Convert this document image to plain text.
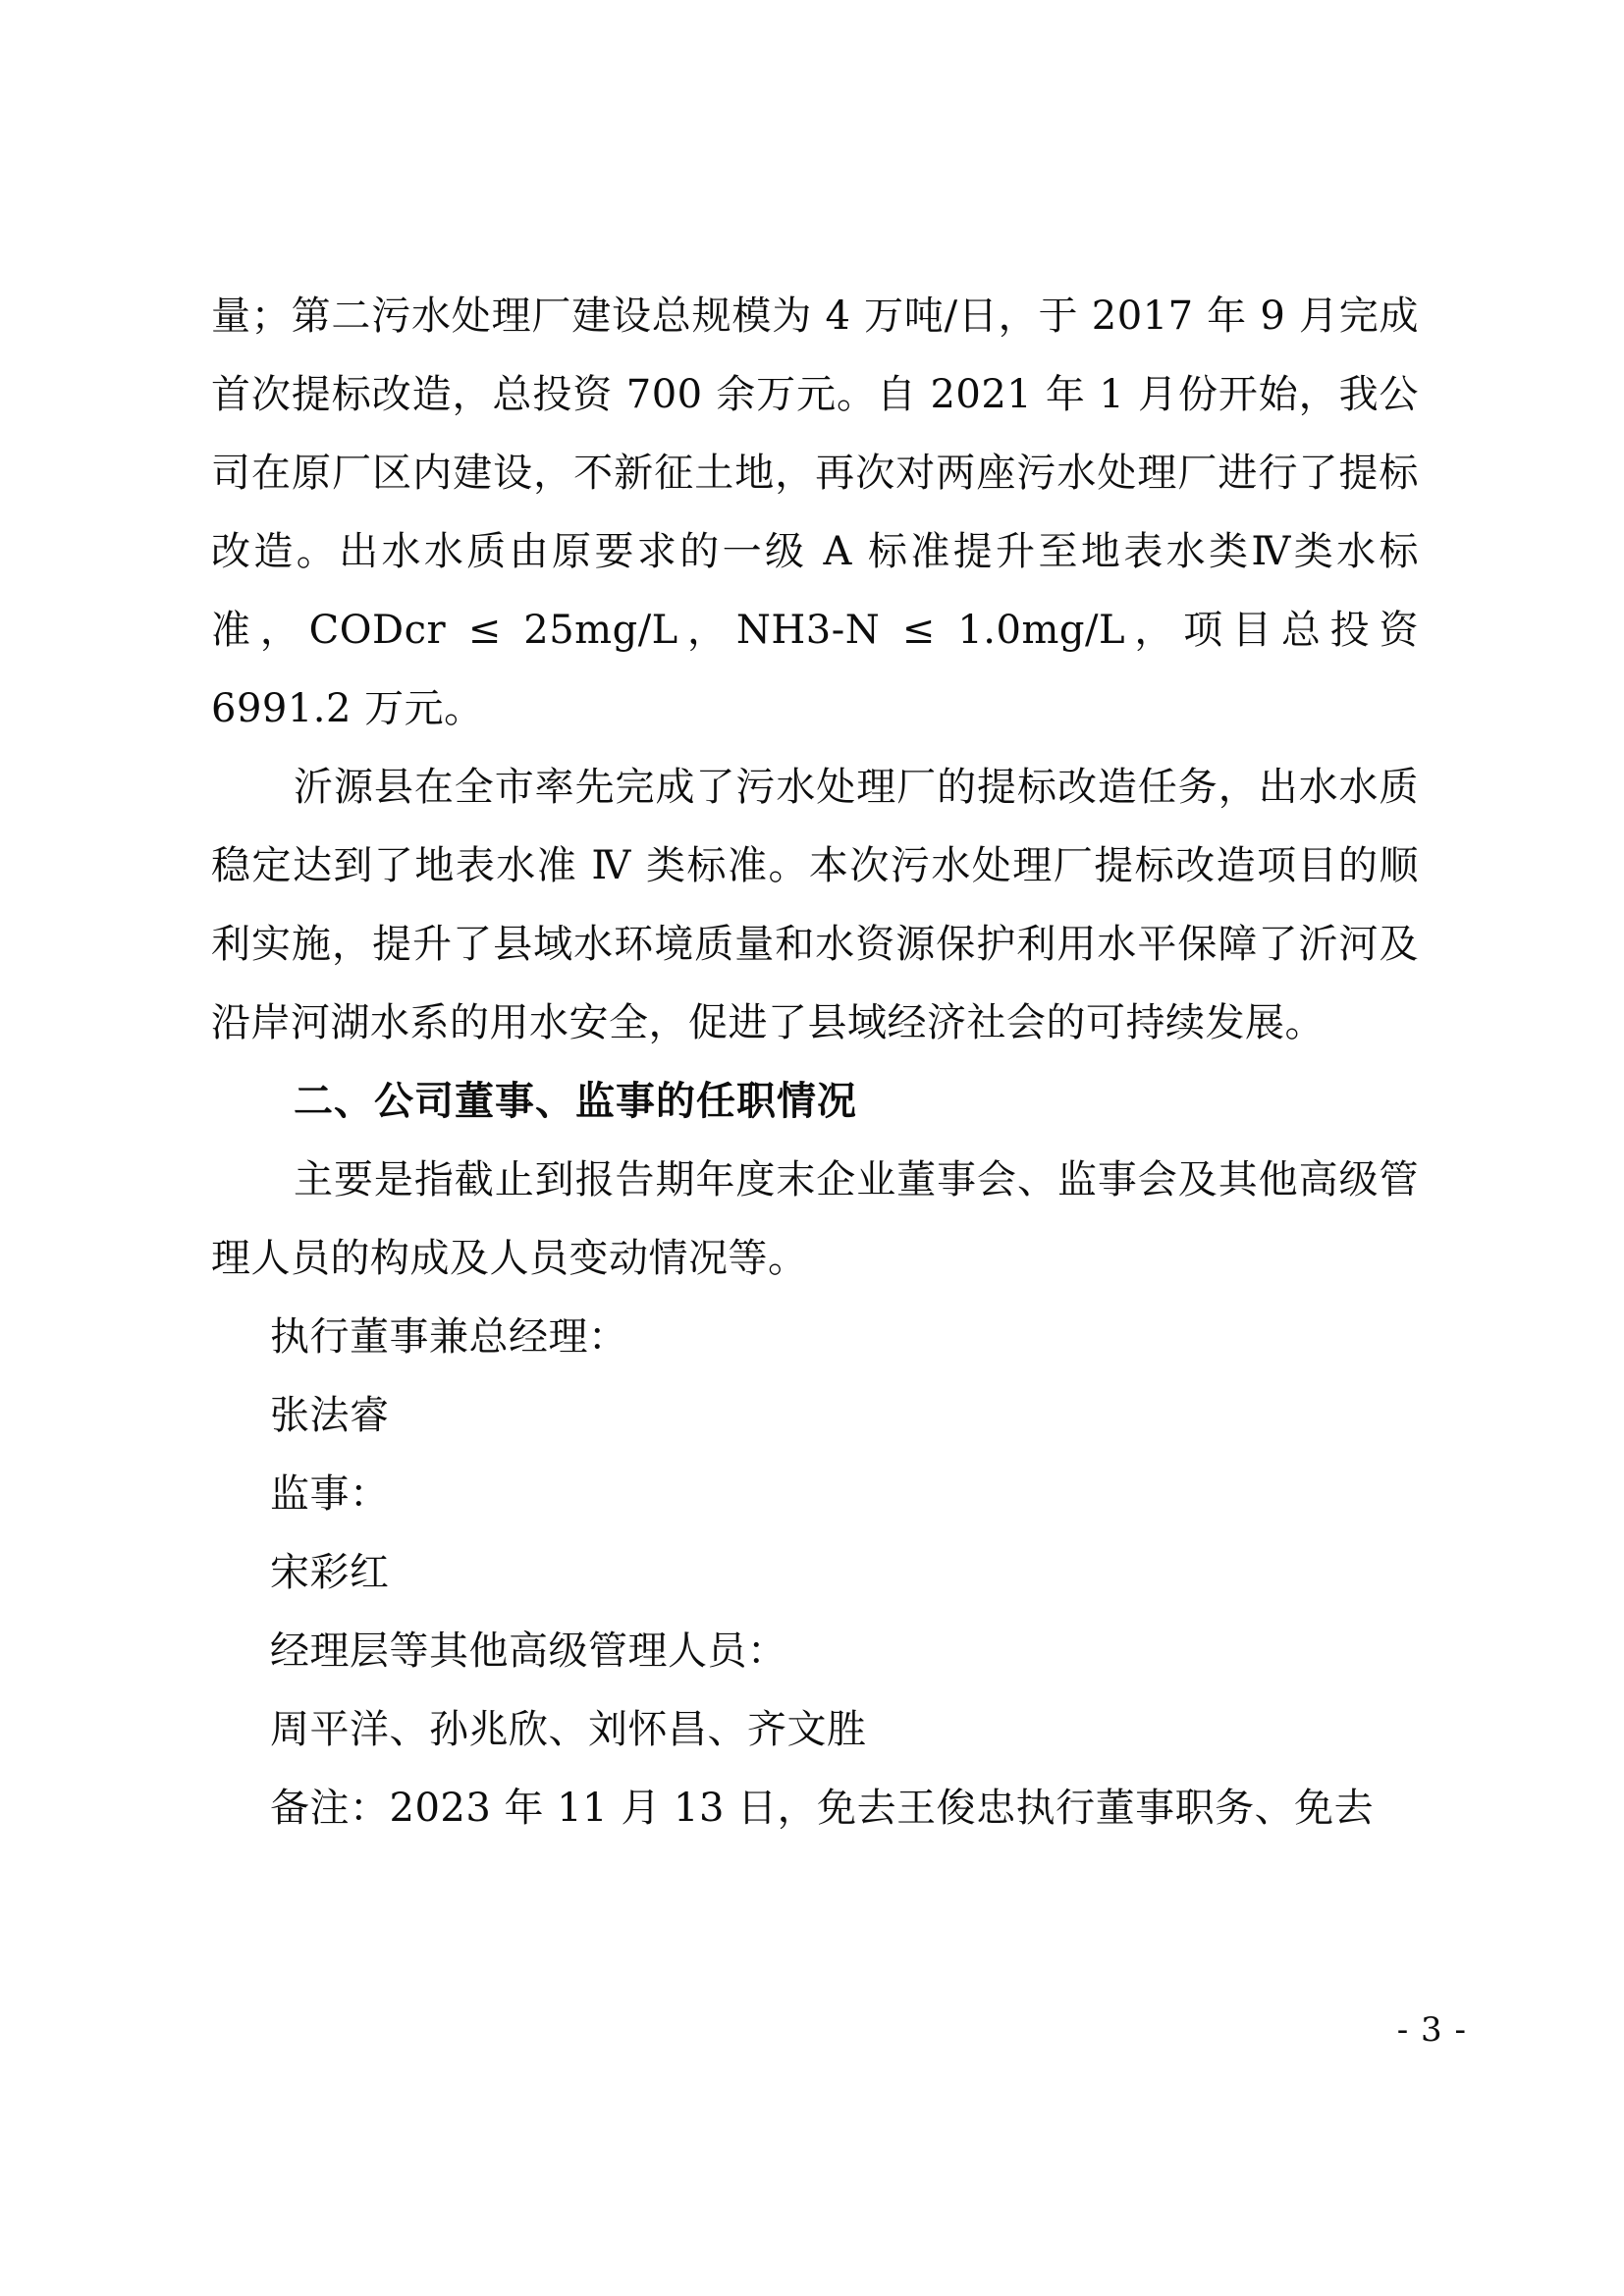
量；第二污水处理厂建设总规模为 4 万吨/日，于 2017 年 9 月完成首次提标改造，总投资 700 余万元。自 2021 年 1 月份开始，我公司在原厂区内建设，不新征土地，再次对两座污水处理厂进行了提标改造。出水水质由原要求的一级 A 标准提升至地表水类Ⅳ类水标准，CODcr ≤ 25mg/L，NH3-N ≤ 1.0mg/L，项目总投资6991.2 万元。

沂源县在全市率先完成了污水处理厂的提标改造任务，出水水质稳定达到了地表水准 Ⅳ 类标准。本次污水处理厂提标改造项目的顺利实施，提升了县域水环境质量和水资源保护利用水平保障了沂河及沿岸河湖水系的用水安全，促进了县域经济社会的可持续发展。

二、公司董事、监事的任职情况

主要是指截止到报告期年度末企业董事会、监事会及其他高级管理人员的构成及人员变动情况等。

执行董事兼总经理：

张法睿

监事：

宋彩红

经理层等其他高级管理人员：

周平洋、孙兆欣、刘怀昌、齐文胜

备注：2023 年 11 月 13 日，免去王俊忠执行董事职务、免去

- 3 -
